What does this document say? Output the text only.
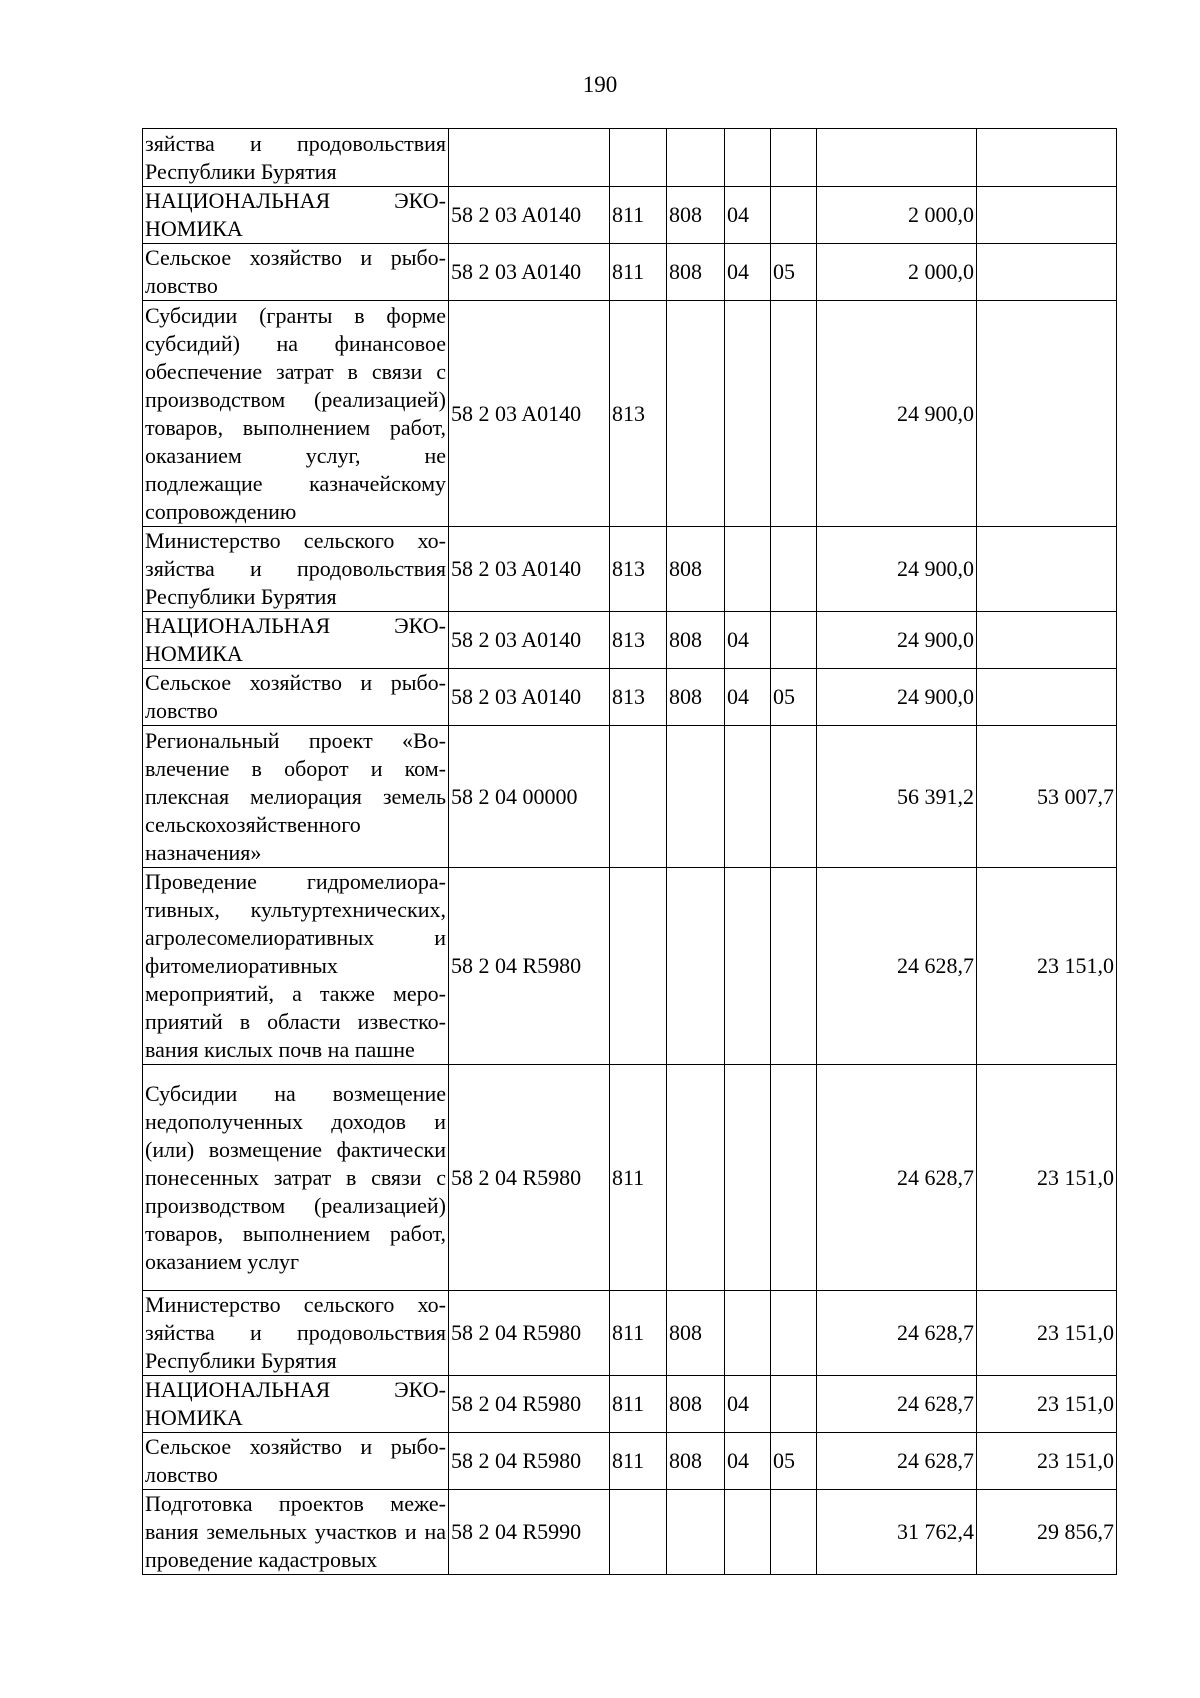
190
зяйства и продовольствия Республики Бурятия							
НАЦИОНАЛЬНАЯ ЭКОНОМИКА	58 2 03 A0140	811	808	04		2 000,0	
Сельское хозяйство и рыболовство	58 2 03 A0140	811	808	04	05	2 000,0	
Субсидии (гранты в форме субсидий) на финансовое обеспечение затрат в связи с производством (реализацией) товаров, выполнением работ, оказанием услуг, не подлежащие казначейскому сопровождению	58 2 03 A0140	813				24 900,0	
Министерство сельского хозяйства и продовольствия Республики Бурятия	58 2 03 A0140	813	808			24 900,0	
НАЦИОНАЛЬНАЯ ЭКОНОМИКА	58 2 03 A0140	813	808	04		24 900,0	
Сельское хозяйство и рыболовство	58 2 03 A0140	813	808	04	05	24 900,0	
Региональный проект «Вовлечение в оборот и комплексная мелиорация земель сельскохозяйственного назначения»	58 2 04 00000					56 391,2	53 007,7
Проведение гидромелиоративных, культуртехнических, агролесомелиоративных и фитомелиоративных мероприятий, а также мероприятий в области известкования кислых почв на пашне	58 2 04 R5980					24 628,7	23 151,0
Субсидии на возмещение недополученных доходов и (или) возмещение фактически понесенных затрат в связи с производством (реализацией) товаров, выполнением работ, оказанием услуг	58 2 04 R5980	811				24 628,7	23 151,0
Министерство сельского хозяйства и продовольствия Республики Бурятия	58 2 04 R5980	811	808			24 628,7	23 151,0
НАЦИОНАЛЬНАЯ ЭКОНОМИКА	58 2 04 R5980	811	808	04		24 628,7	23 151,0
Сельское хозяйство и рыболовство	58 2 04 R5980	811	808	04	05	24 628,7	23 151,0
Подготовка проектов межевания земельных участков и на проведение кадастровых	58 2 04 R5990					31 762,4	29 856,7
